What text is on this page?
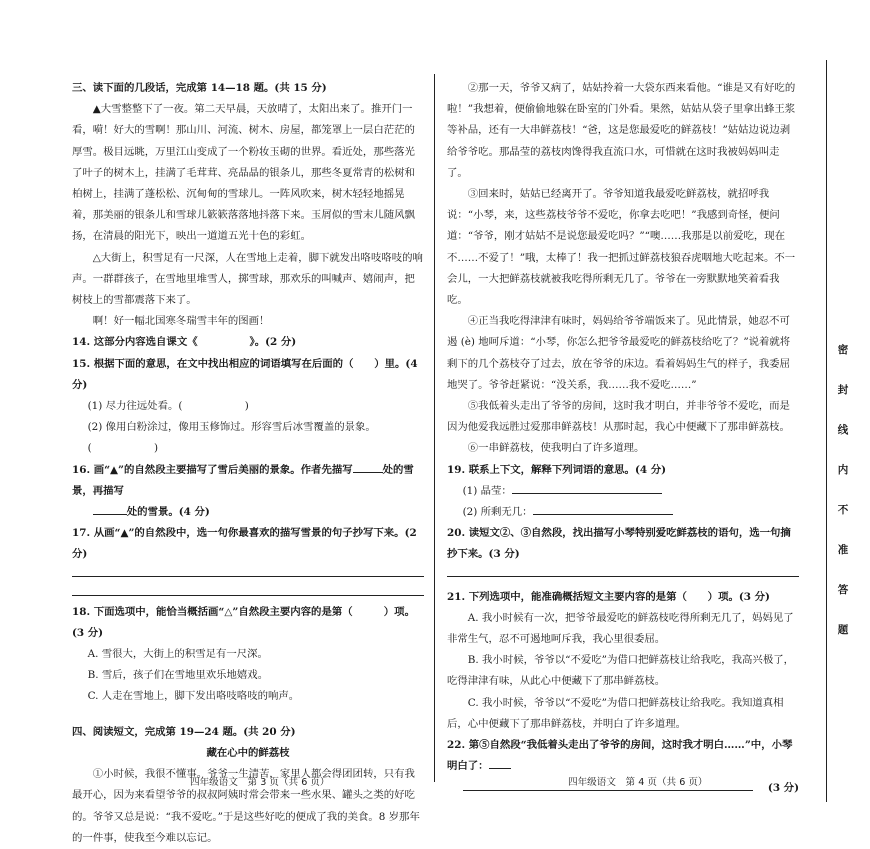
三、读下面的几段话，完成第 14—18 题。(共 15 分)

▲大雪整整下了一夜。第二天早晨，天放晴了，太阳出来了。推开门一看，嗬！好大的雪啊！那山川、河流、树木、房屋，都笼罩上一层白茫茫的厚雪。极目远眺，万里江山变成了一个粉妆玉砌的世界。看近处，那些落光了叶子的树木上，挂满了毛茸茸、亮晶晶的银条儿，那些冬夏常青的松树和柏树上，挂满了蓬松松、沉甸甸的雪球儿。一阵风吹来，树木轻轻地摇晃着，那美丽的银条儿和雪球儿簌簌落落地抖落下来。玉屑似的雪末儿随风飘扬，在清晨的阳光下，映出一道道五光十色的彩虹。

△大街上，积雪足有一尺深，人在雪地上走着，脚下就发出咯吱咯吱的响声。一群群孩子，在雪地里堆雪人，掷雪球，那欢乐的叫喊声、嬉闹声，把树枝上的雪都震落下来了。

啊！好一幅北国寒冬瑞雪丰年的图画！

14. 这部分内容选自课文《　　　　　》。(2 分)

15. 根据下面的意思，在文中找出相应的词语填写在后面的（　　）里。(4 分)

(1) 尽力往远处看。(　　　　　　)

(2) 像用白粉涂过，像用玉修饰过。形容雪后冰雪覆盖的景象。(　　　　　　)

16. 画“▲”的自然段主要描写了雪后美丽的景象。作者先描写	处的雪景，再描写
处的雪景。(4 分)

17. 从画“▲”的自然段中，选一句你最喜欢的描写雪景的句子抄写下来。(2 分)

18. 下面选项中，能恰当概括画“△”自然段主要内容的是第（　　　）项。(3 分)

A. 雪很大，大街上的积雪足有一尺深。

B. 雪后，孩子们在雪地里欢乐地嬉戏。

C. 人走在雪地上，脚下发出咯吱咯吱的响声。

四、阅读短文，完成第 19—24 题。(共 20 分)

藏在心中的鲜荔枝

①小时候，我很不懂事。爷爷一生清苦，家里人都会得团团转，只有我最开心，因为来看望爷爷的叔叔阿姨时常会带来一些水果、罐头之类的好吃的。爷爷又总是说：“我不爱吃。”于是这些好吃的便成了我的美食。8 岁那年的一件事，使我至今难以忘记。

四年级语文　第 3 页（共 6 页）

②那一天，爷爷又病了，姑姑拎着一大袋东西来看他。“谁是又有好吃的啦！”我想着，便偷偷地躲在卧室的门外看。果然，姑姑从袋子里拿出蜂王浆等补品，还有一大串鲜荔枝！“爸，这是您最爱吃的鲜荔枝！”姑姑边说边剥给爷爷吃。那晶莹的荔枝肉馋得我直流口水，可惜就在这时我被妈妈叫走了。

③回来时，姑姑已经离开了。爷爷知道我最爱吃鲜荔枝，就招呼我说：“小琴，来，这些荔枝爷爷不爱吃，你拿去吃吧！”我感到奇怪，便问道：“爷爷，刚才姑姑不是说您最爱吃吗？”“噢……我那是以前爱吃，现在不……不爱了！”哦，太棒了！我一把抓过鲜荔枝狼吞虎咽地大吃起来。不一会儿，一大把鲜荔枝就被我吃得所剩无几了。爷爷在一旁默默地笑着看我吃。

④正当我吃得津津有味时，妈妈给爷爷端饭来了。见此情景，她忍不可遏 (è) 地呵斥道：“小琴，你怎么把爷爷最爱吃的鲜荔枝给吃了？”说着就将剩下的几个荔枝夺了过去，放在爷爷的床边。看着妈妈生气的样子，我委屈地哭了。爷爷赶紧说：“没关系，我……我不爱吃……”

⑤我低着头走出了爷爷的房间，这时我才明白，并非爷爷不爱吃，而是因为他爱我远胜过爱那串鲜荔枝！从那时起，我心中便藏下了那串鲜荔枝。

⑥一串鲜荔枝，使我明白了许多道理。

19. 联系上下文，解释下列词语的意思。(4 分)

(1) 晶莹：

(2) 所剩无几：

20. 读短文②、③自然段，找出描写小琴特别爱吃鲜荔枝的语句，选一句摘抄下来。(3 分)

21. 下列选项中，能准确概括短文主要内容的是第（　　）项。(3 分)

A. 我小时候有一次，把爷爷最爱吃的鲜荔枝吃得所剩无几了，妈妈见了非常生气，忍不可遏地呵斥我，我心里很委屈。

B. 我小时候，爷爷以“不爱吃”为借口把鲜荔枝让给我吃，我高兴极了，吃得津津有味，从此心中便藏下了那串鲜荔枝。

C. 我小时候，爷爷以“不爱吃”为借口把鲜荔枝让给我吃。我知道真相后，心中便藏下了那串鲜荔枝，并明白了许多道理。

22. 第⑤自然段“我低着头走出了爷爷的房间，这时我才明白……”中，小琴明白了：

(3 分)

四年级语文　第 4 页（共 6 页）
密
封
线
内
不
准
答
题
